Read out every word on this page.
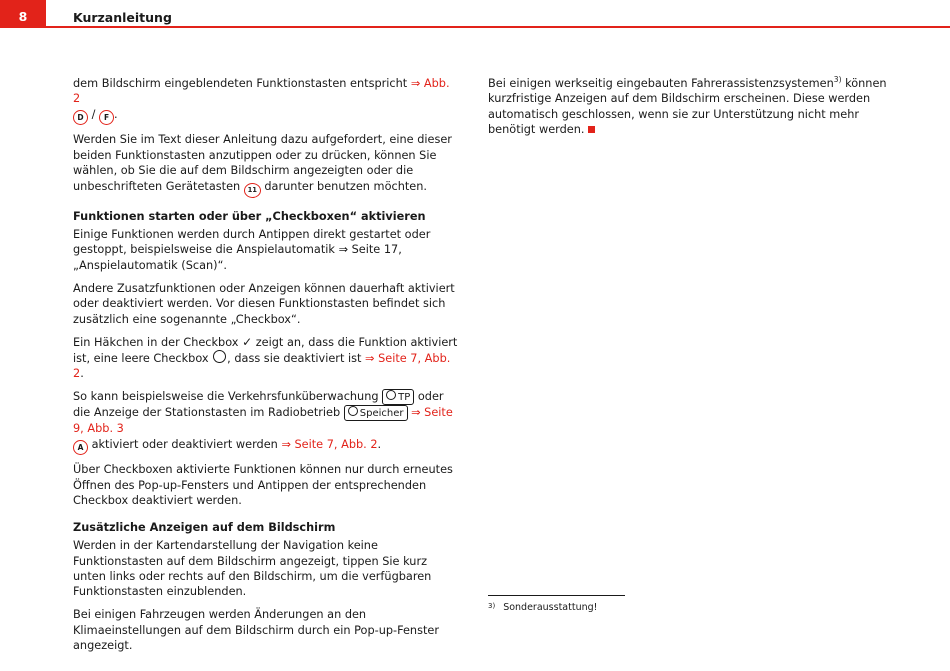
8	Kurzanleitung

dem Bildschirm eingeblendeten Funktionstasten entspricht ⇒ Abb. 2
D / F .

Werden Sie im Text dieser Anleitung dazu aufgefordert, eine dieser beiden Funktionstasten anzutippen oder zu drücken, können Sie wählen, ob Sie die auf dem Bildschirm angezeigten oder die unbeschrifteten Gerätetasten 11 darunter benutzen möchten.

Funktionen starten oder über „Checkboxen“ aktivieren

Einige Funktionen werden durch Antippen direkt gestartet oder gestoppt, beispielsweise die Anspielautomatik ⇒ Seite 17, „Anspielautomatik (Scan)“.

Andere Zusatzfunktionen oder Anzeigen können dauerhaft aktiviert oder deaktiviert werden. Vor diesen Funktionstasten befindet sich zusätzlich eine sogenannte „Checkbox“.

Ein Häkchen in der Checkbox ✓ zeigt an, dass die Funktion aktiviert ist, eine leere Checkbox , dass sie deaktiviert ist ⇒ Seite 7, Abb. 2.

So kann beispielsweise die Verkehrsfunküberwachung TP oder die Anzeige der Stationstasten im Radiobetrieb Speicher ⇒ Seite 9, Abb. 3
A aktiviert oder deaktiviert werden ⇒ Seite 7, Abb. 2.

Über Checkboxen aktivierte Funktionen können nur durch erneutes Öffnen des Pop-up-Fensters und Antippen der entsprechenden Checkbox deaktiviert werden.

Zusätzliche Anzeigen auf dem Bildschirm

Werden in der Kartendarstellung der Navigation keine Funktionstasten auf dem Bildschirm angezeigt, tippen Sie kurz unten links oder rechts auf den Bildschirm, um die verfügbaren Funktionstasten einzublenden.

Bei einigen Fahrzeugen werden Änderungen an den Klimaeinstellungen auf dem Bildschirm durch ein Pop-up-Fenster angezeigt.

Bei einigen werkseitig eingebauten Fahrerassistenzsystemen$^{3)}$ können kurzfristige Anzeigen auf dem Bildschirm erscheinen. Diese werden automatisch geschlossen, wenn sie zur Unterstützung nicht mehr benötigt werden.

$^{3)}$ Sonderausstattung!
